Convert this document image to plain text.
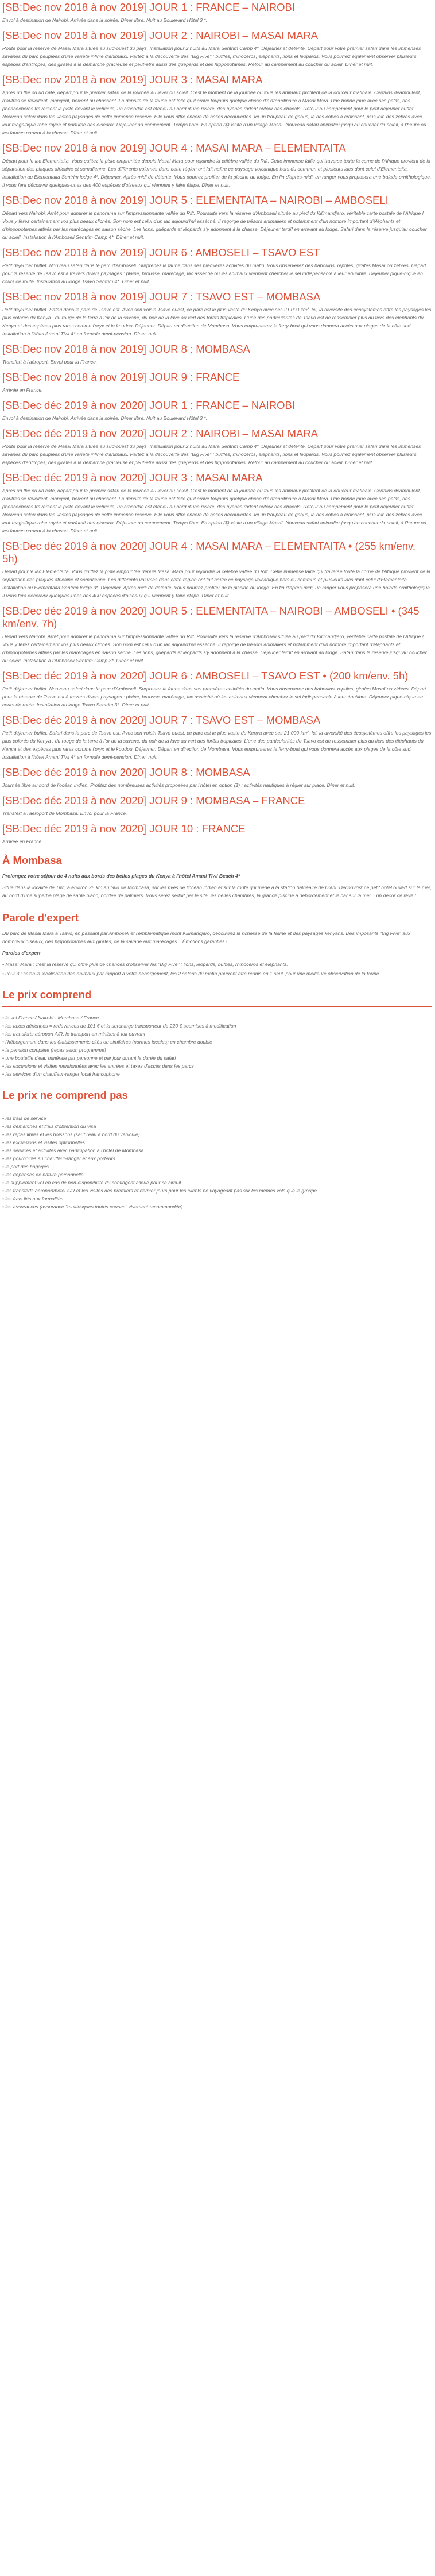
[SB:Dec nov 2018 à nov 2019] JOUR 1 : FRANCE – NAIROBI

Envol à destination de Nairobi. Arrivée dans la soirée. Dîner libre. Nuit au Boulevard Hôtel 3 *.

[SB:Dec nov 2018 à nov 2019] JOUR 2 : NAIROBI – MASAI MARA

Route pour la réserve de Masai Mara située au sud-ouest du pays. Installation pour 2 nuits au Mara Sentrim Camp 4*. Déjeuner et détente. Départ pour votre premier safari dans les immenses savanes du parc peuplées d'une variété infinie d'animaux. Partez à la découverte des "Big Five" : buffles, rhinocéros, éléphants, lions et léopards. Vous pourrez également observer plusieurs espèces d'antilopes, des girafes à la démarche gracieuse et peut-être aussi des guépards et des hippopotames. Retour au campement au coucher du soleil. Dîner et nuit.

[SB:Dec nov 2018 à nov 2019] JOUR 3 : MASAI MARA

Après un thé ou un café, départ pour le premier safari de la journée au lever du soleil. C'est le moment de la journée où tous les animaux profitent de la douceur matinale. Certains déambulent, d'autres se réveillent, mangent, boivent ou chassent. La densité de la faune est telle qu'il arrive toujours quelque chose d'extraordinaire à Masai Mara. Une bonne joue avec ses petits, des pheacochères traversent la piste devant le véhicule, un crocodile est étendu au bord d'une rivière, des hyènes rôdent autour des chacals. Retour au campement pour le petit déjeuner buffet. Nouveau safari dans les vastes paysages de cette immense réserve. Elle vous offre encore de belles découvertes. Ici un troupeau de gnous, là des cobes à croissant, plus loin des zèbres avec leur magnifique robe rayée et parfumé des oiseaux. Déjeuner au campement. Temps libre. En option ($) visite d'un village Masaï. Nouveau safari animalier jusqu'au coucher du soleil, à l'heure où les fauves partent à la chasse. Dîner et nuit.

[SB:Dec nov 2018 à nov 2019] JOUR 4 : MASAI MARA – ELEMENTAITA

Départ pour le lac Elementaita. Vous quittez la piste empruntée depuis Masai Mara pour rejoindre la célèbre vallée du Rift. Cette immense faille qui traverse toute la corne de l'Afrique provient de la séparation des plaques africaine et somalienne. Les différents volumes dans cette région ont fait naître ce paysage volcanique hors du commun et plusieurs lacs dont celui d'Elementaita. Installation au Elementaita Sentrim lodge 4*. Déjeuner. Après-midi de détente. Vous pourrez profiter de la piscine du lodge. En fin d'après-midi, un ranger vous proposera une balade ornithologique. Il vous fera découvrir quelques-unes des 400 espèces d'oiseaux qui viennent y faire étape. Dîner et nuit.

[SB:Dec nov 2018 à nov 2019] JOUR 5 : ELEMENTAITA – NAIROBI – AMBOSELI

Départ vers Nairobi. Arrêt pour admirer le panorama sur l'impressionnante vallée du Rift. Poursuite vers la réserve d'Amboseli située au pied du Kilimandjaro, véritable carte postale de l'Afrique ! Vous y ferez certainement vos plus beaux clichés. Son nom est celui d'un lac aujourd'hui asséché. Il regorge de trésors animaliers et notamment d'un nombre important d'éléphants et d'hippopotames attirés par les marécages en saison sèche. Les lions, guépards et léopards s'y adonnent à la chasse. Déjeuner tardif en arrivant au lodge. Safari dans la réserve jusqu'au coucher du soleil. Installation à l'Amboseli Sentrim Camp 4*. Dîner et nuit.

[SB:Dec nov 2018 à nov 2019] JOUR 6 : AMBOSELI – TSAVO EST

Petit déjeuner buffet. Nouveau safari dans le parc d'Amboseli. Surprenez la faune dans ses premières activités du matin. Vous observerez des babouins, reptiles, girafes Masaï ou zèbres. Départ pour la réserve de Tsavo est à travers divers paysages : plaine, brousse, marécage, lac asséché où les animaux viennent chercher le sel indispensable à leur équilibre. Déjeuner pique-nique en cours de route. Installation au lodge Tsavo Sentrim 4*. Dîner et nuit.

[SB:Dec nov 2018 à nov 2019] JOUR 7 : TSAVO EST – MOMBASA

Petit déjeuner buffet. Safari dans le parc de Tsavo est. Avec son voisin Tsavo ouest, ce parc est le plus vaste du Kenya avec ses 21 000 km². Ici, la diversité des écosystèmes offre les paysages les plus colorés du Kenya : du rouge de la terre à l'or de la savane, du noir de la lave au vert des forêts tropicales. L'une des particularités de Tsavo est de ressembler plus du tiers des éléphants du Kenya et des espèces plus rares comme l'oryx et le koudou. Déjeuner. Départ en direction de Mombasa. Vous emprunterez le ferry-boat qui vous donnera accès aux plages de la côte sud. Installation à l'hôtel Amani Tiwi 4* en formule demi-pension. Dîner, nuit.

[SB:Dec nov 2018 à nov 2019] JOUR 8 : MOMBASA

Transfert à l'aéroport. Envol pour la France.

[SB:Dec nov 2018 à nov 2019] JOUR 9 : FRANCE

Arrivée en France.

[SB:Dec déc 2019 à nov 2020] JOUR 1 : FRANCE – NAIROBI

Envol à destination de Nairobi. Arrivée dans la soirée. Dîner libre. Nuit au Boulevard Hôtel 3 *.

[SB:Dec déc 2019 à nov 2020] JOUR 2 : NAIROBI – MASAI MARA

Route pour la réserve de Masai Mara située au sud-ouest du pays. Installation pour 2 nuits au Mara Sentrim Camp 4*. Déjeuner et détente. Départ pour votre premier safari dans les immenses savanes du parc peuplées d'une variété infinie d'animaux. Partez à la découverte des "Big Five" : buffles, rhinocéros, éléphants, lions et léopards. Vous pourrez également observer plusieurs espèces d'antilopes, des girafes à la démarche gracieuse et peut-être aussi des guépards et des hippopotames. Retour au campement au coucher du soleil. Dîner et nuit.

[SB:Dec déc 2019 à nov 2020] JOUR 3 : MASAI MARA

Après un thé ou un café, départ pour le premier safari de la journée au lever du soleil. C'est le moment de la journée où tous les animaux profitent de la douceur matinale. Certains déambulent, d'autres se réveillent, mangent, boivent ou chassent. La densité de la faune est telle qu'il arrive toujours quelque chose d'extraordinaire à Masai Mara. Une bonne joue avec ses petits, des pheacochères traversent la piste devant le véhicule, un crocodile est étendu au bord d'une rivière, des hyènes rôdent autour des chacals. Retour au campement pour le petit déjeuner buffet. Nouveau safari dans les vastes paysages de cette immense réserve. Elle vous offre encore de belles découvertes. Ici un troupeau de gnous, là des cobes à croissant, plus loin des zèbres avec leur magnifique robe rayée et parfumé des oiseaux. Déjeuner au campement. Temps libre. En option ($) visite d'un village Masaï. Nouveau safari animalier jusqu'au coucher du soleil, à l'heure où les fauves partent à la chasse. Dîner et nuit.

[SB:Dec déc 2019 à nov 2020] JOUR 4 : MASAI MARA – ELEMENTAITA • (255 km/env. 5h)

Départ pour le lac Elementaita. Vous quittez la piste empruntée depuis Masai Mara pour rejoindre la célèbre vallée du Rift. Cette immense faille qui traverse toute la corne de l'Afrique provient de la séparation des plaques africaine et somalienne. Les différents volumes dans cette région ont fait naître ce paysage volcanique hors du commun et plusieurs lacs dont celui d'Elementaita. Installation au Elementaita Sentrim lodge 3*. Déjeuner. Après-midi de détente. Vous pourrez profiter de la piscine du lodge. En fin d'après-midi, un ranger vous proposera une balade ornithologique. Il vous fera découvrir quelques-unes des 400 espèces d'oiseaux qui viennent y faire étape. Dîner et nuit.

[SB:Dec déc 2019 à nov 2020] JOUR 5 : ELEMENTAITA – NAIROBI – AMBOSELI • (345 km/env. 7h)

Départ vers Nairobi. Arrêt pour admirer le panorama sur l'impressionnante vallée du Rift. Poursuite vers la réserve d'Amboseli située au pied du Kilimandjaro, véritable carte postale de l'Afrique ! Vous y ferez certainement vos plus beaux clichés. Son nom est celui d'un lac aujourd'hui asséché. Il regorge de trésors animaliers et notamment d'un nombre important d'éléphants et d'hippopotames attirés par les marécages en saison sèche. Les lions, guépards et léopards s'y adonnent à la chasse. Déjeuner tardif en arrivant au lodge. Safari dans la réserve jusqu'au coucher du soleil. Installation à l'Amboseli Sentrim Camp 3*. Dîner et nuit.

[SB:Dec déc 2019 à nov 2020] JOUR 6 : AMBOSELI – TSAVO EST • (200 km/env. 5h)

Petit déjeuner buffet. Nouveau safari dans le parc d'Amboseli. Surprenez la faune dans ses premières activités du matin. Vous observerez des babouins, reptiles, girafes Masaï ou zèbres. Départ pour la réserve de Tsavo est à travers divers paysages : plaine, brousse, marécage, lac asséché où les animaux viennent chercher le sel indispensable à leur équilibre. Déjeuner pique-nique en cours de route. Installation au lodge Tsavo Sentrim 3*. Dîner et nuit.

[SB:Dec déc 2019 à nov 2020] JOUR 7 : TSAVO EST – MOMBASA

Petit déjeuner buffet. Safari dans le parc de Tsavo est. Avec son voisin Tsavo ouest, ce parc est le plus vaste du Kenya avec ses 21 000 km². Ici, la diversité des écosystèmes offre les paysages les plus colorés du Kenya : du rouge de la terre à l'or de la savane, du noir de la lave au vert des forêts tropicales. L'une des particularités de Tsavo est de ressembler plus du tiers des éléphants du Kenya et des espèces plus rares comme l'oryx et le koudou. Déjeuner. Départ en direction de Mombasa. Vous emprunterez le ferry-boat qui vous donnera accès aux plages de la côte sud. Installation à l'hôtel Amani Tiwi 4* en formule demi-pension. Dîner, nuit.

[SB:Dec déc 2019 à nov 2020] JOUR 8 : MOMBASA

Journée libre au bord de l'océan Indien. Profitez des nombreuses activités proposées par l'hôtel en option ($) : activités nautiques à régler sur place. Dîner et nuit.

[SB:Dec déc 2019 à nov 2020] JOUR 9 : MOMBASA – FRANCE

Transfert à l'aéroport de Mombasa. Envol pour la France.

[SB:Dec déc 2019 à nov 2020] JOUR 10 : FRANCE

Arrivée en France.

À Mombasa

Prolongez votre séjour de 4 nuits aux bords des belles plages du Kenya à l'hôtel Amani Tiwi Beach 4*

Situé dans la localité de Tiwi, à environ 25 km au Sud de Mombasa, sur les rives de l'océan Indien et sur la route qui mène à la station balnéaire de Diani. Découvrez ce petit hôtel ouvert sur la mer, au bord d'une superbe plage de sable blanc, bordée de palmiers. Vous serez séduit par le site, les belles chambres, la grande piscine à débordement et le bar sur la mer... un décor de rêve !

Parole d'expert

Du parc de Masaï Mara à Tsavo, en passant par Amboseli et l'emblématique mont Kilimandjaro, découvrez la richesse de la faune et des paysages kenyans. Des imposants "Big Five" aux nombreux oiseaux, des hippopotames aux girafes, de la savane aux marécages... Émotions garanties !

Paroles d'expert

• Masaï Mara : c'est la réserve qui offre plus de chances d'observer les "Big Five" : lions, léopards, buffles, rhinocéros et éléphants.

• Jour 3 : selon la localisation des animaux par rapport à votre hébergement, les 2 safaris du matin pourront être réunis en 1 seul, pour une meilleure observation de la faune.

Le prix comprend
• le vol France / Nairobi - Mombasa / France
• les taxes aériennes = redevances de 101 € et la surcharge transporteur de 220 € soumises à modification
• les transferts aéroport A/R, le transport en minibus à toit ouvrant
• l'hébergement dans les établissements cités ou similaires (normes locales) en chambre double
• la pension complète (repas selon programme)
• une bouteille d'eau minérale par personne et par jour durant la durée du safari
• les excursions et visites mentionnées avec les entrées et taxes d'accès dans les parcs
• les services d'un chauffeur-ranger local francophone
Le prix ne comprend pas
• les frais de service
• les démarches et frais d'obtention du visa
• les repas libres et les boissons (sauf l'eau à bord du véhicule)
• les excursions et visites optionnelles
• les services et activités avec participation à l'hôtel de Mombasa
• les pourboires au chauffeur-ranger et aux porteurs
• le port des bagages
• les dépenses de nature personnelle
• le supplément vol en cas de non-disponibilité du contingent alloué pour ce circuit
• les transferts aéroport/hôtel A/R et les visites des premiers et dernier jours pour les clients ne voyageant pas sur les mêmes vols que le groupe
• les frais liés aux formalités
• les assurances (assurance "multirisques toutes causes" vivement recommandée)
